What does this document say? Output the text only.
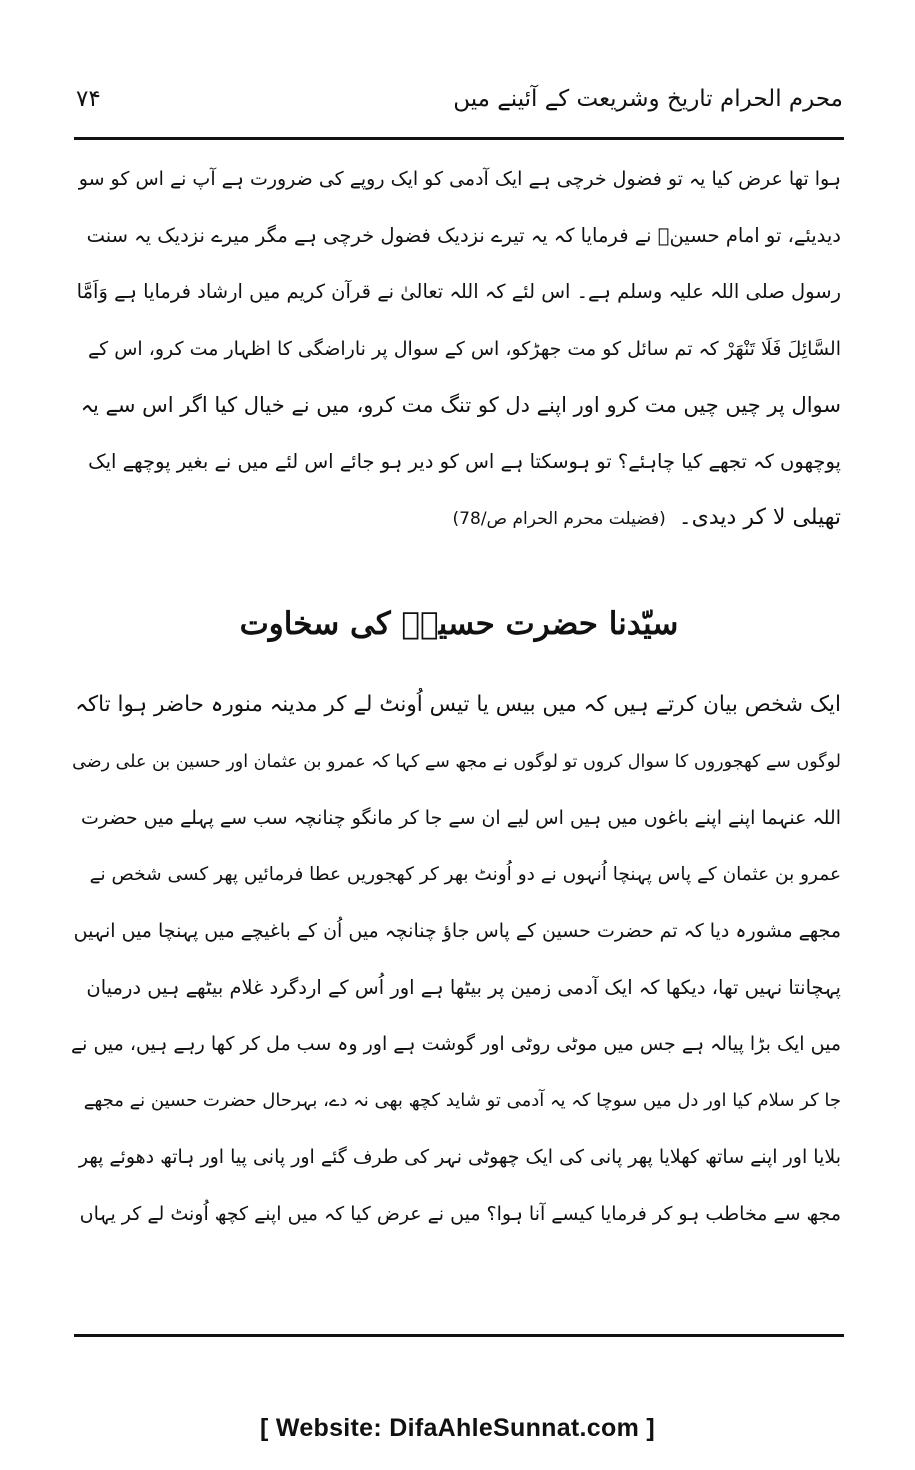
محرم الحرام تاریخ وشریعت کے آئینے میں
۷۴
ہوا تھا عرض کیا یہ تو فضول خرچی ہے ایک آدمی کو ایک روپے کی ضرورت ہے آپ نے اس کو سو
دیدیئے، تو امام حسینؓ نے فرمایا کہ یہ تیرے نزدیک فضول خرچی ہے مگر میرے نزدیک یہ سنت
رسول صلی اللہ علیہ وسلم ہے۔ اس لئے کہ اللہ تعالیٰ نے قرآن کریم میں ارشاد فرمایا ہے وَاَمَّا
السَّائِلَ فَلَا تَنْھَرْ کہ تم سائل کو مت جھڑکو، اس کے سوال پر ناراضگی کا اظہار مت کرو، اس کے
سوال پر چیں چیں مت کرو اور اپنے دل کو تنگ مت کرو، میں نے خیال کیا اگر اس سے یہ
پوچھوں کہ تجھے کیا چاہئے؟ تو ہوسکتا ہے اس کو دیر ہو جائے اس لئے میں نے بغیر پوچھے ایک
تھیلی لا کر دیدی۔ (فضیلت محرم الحرام ص/78)
سیّدنا حضرت حسینؓ کی سخاوت
ایک شخص بیان کرتے ہیں کہ میں بیس یا تیس اُونٹ لے کر مدینہ منورہ حاضر ہوا تاکہ
لوگوں سے کھجوروں کا سوال کروں تو لوگوں نے مجھ سے کہا کہ عمرو بن عثمان اور حسین بن علی رضی
اللہ عنہما اپنے اپنے باغوں میں ہیں اس لیے ان سے جا کر مانگو چنانچہ سب سے پہلے میں حضرت
عمرو بن عثمان کے پاس پہنچا اُنہوں نے دو اُونٹ بھر کر کھجوریں عطا فرمائیں پھر کسی شخص نے
مجھے مشورہ دیا کہ تم حضرت حسین کے پاس جاؤ چنانچہ میں اُن کے باغیچے میں پہنچا میں انہیں
پہچانتا نہیں تھا، دیکھا کہ ایک آدمی زمین پر بیٹھا ہے اور اُس کے اردگرد غلام بیٹھے ہیں درمیان
میں ایک بڑا پیالہ ہے جس میں موٹی روٹی اور گوشت ہے اور وہ سب مل کر کھا رہے ہیں، میں نے
جا کر سلام کیا اور دل میں سوچا کہ یہ آدمی تو شاید کچھ بھی نہ دے، بہرحال حضرت حسین نے مجھے
بلایا اور اپنے ساتھ کھلایا پھر پانی کی ایک چھوٹی نہر کی طرف گئے اور پانی پیا اور ہاتھ دھوئے پھر
مجھ سے مخاطب ہو کر فرمایا کیسے آنا ہوا؟ میں نے عرض کیا کہ میں اپنے کچھ اُونٹ لے کر یہاں
[ Website: DifaAhleSunnat.com ]
